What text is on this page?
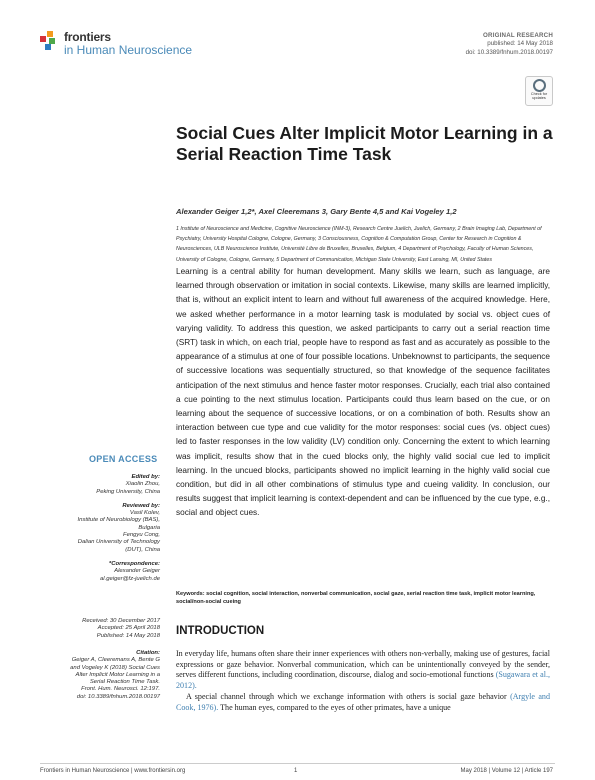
frontiers
in Human Neuroscience
ORIGINAL RESEARCH
published: 14 May 2018
doi: 10.3389/fnhum.2018.00197
Check for
updates
Social Cues Alter Implicit Motor Learning in a Serial Reaction Time Task
Alexander Geiger 1,2*, Axel Cleeremans 3, Gary Bente 4,5 and Kai Vogeley 1,2
1 Institute of Neuroscience and Medicine, Cognitive Neuroscience (INM-3), Research Centre Juelich, Juelich, Germany, 2 Brain Imaging Lab, Department of Psychiatry, University Hospital Cologne, Cologne, Germany, 3 Consciousness, Cognition & Computation Group, Center for Research in Cognition & Neurosciences, ULB Neuroscience Institute, Université Libre de Bruxelles, Bruxelles, Belgium, 4 Department of Psychology, Faculty of Human Sciences, University of Cologne, Cologne, Germany, 5 Department of Communication, Michigan State University, East Lansing, MI, United States
Learning is a central ability for human development. Many skills we learn, such as language, are learned through observation or imitation in social contexts. Likewise, many skills are learned implicitly, that is, without an explicit intent to learn and without full awareness of the acquired knowledge. Here, we asked whether performance in a motor learning task is modulated by social vs. object cues of varying validity. To address this question, we asked participants to carry out a serial reaction time (SRT) task in which, on each trial, people have to respond as fast and as accurately as possible to the appearance of a stimulus at one of four possible locations. Unbeknownst to participants, the sequence of successive locations was sequentially structured, so that knowledge of the sequence facilitates anticipation of the next stimulus and hence faster motor responses. Crucially, each trial also contained a cue pointing to the next stimulus location. Participants could thus learn based on the cue, or on learning about the sequence of successive locations, or on a combination of both. Results show an interaction between cue type and cue validity for the motor responses: social cues (vs. object cues) led to faster responses in the low validity (LV) condition only. Concerning the extent to which learning was implicit, results show that in the cued blocks only, the highly valid social cue led to implicit learning. In the uncued blocks, participants showed no implicit learning in the highly valid social cue condition, but did in all other combinations of stimulus type and cueing validity. In conclusion, our results suggest that implicit learning is context-dependent and can be influenced by the cue type, e.g., social and object cues.
Keywords: social cognition, social interaction, nonverbal communication, social gaze, serial reaction time task, implicit motor learning, social/non-social cueing
OPEN ACCESS
Edited by:
Xiaolin Zhou,
Peking University, China
Reviewed by:
Vasil Kolev,
Institute of Neurobiology (BAS),
Bulgaria
Fengyu Cong,
Dalian University of Technology
(DUT), China
*Correspondence:
Alexander Geiger
al.geiger@fz-juelich.de
Received: 30 December 2017
Accepted: 25 April 2018
Published: 14 May 2018
Citation:
Geiger A, Cleeremans A, Bente G
and Vogeley K (2018) Social Cues
Alter Implicit Motor Learning in a
Serial Reaction Time Task.
Front. Hum. Neurosci. 12:197.
doi: 10.3389/fnhum.2018.00197
INTRODUCTION

In everyday life, humans often share their inner experiences with others non-verbally, making use of gestures, facial expressions or gaze behavior. Nonverbal communication, which can be unintentionally conveyed by the sender, serves different functions, including coordination, discourse, dialog and socio-emotional functions (Sugawara et al., 2012).

A special channel through which we exchange information with others is social gaze behavior (Argyle and Cook, 1976). The human eyes, compared to the eyes of other primates, have a unique

Frontiers in Human Neuroscience | www.frontiersin.org	1	May 2018 | Volume 12 | Article 197
